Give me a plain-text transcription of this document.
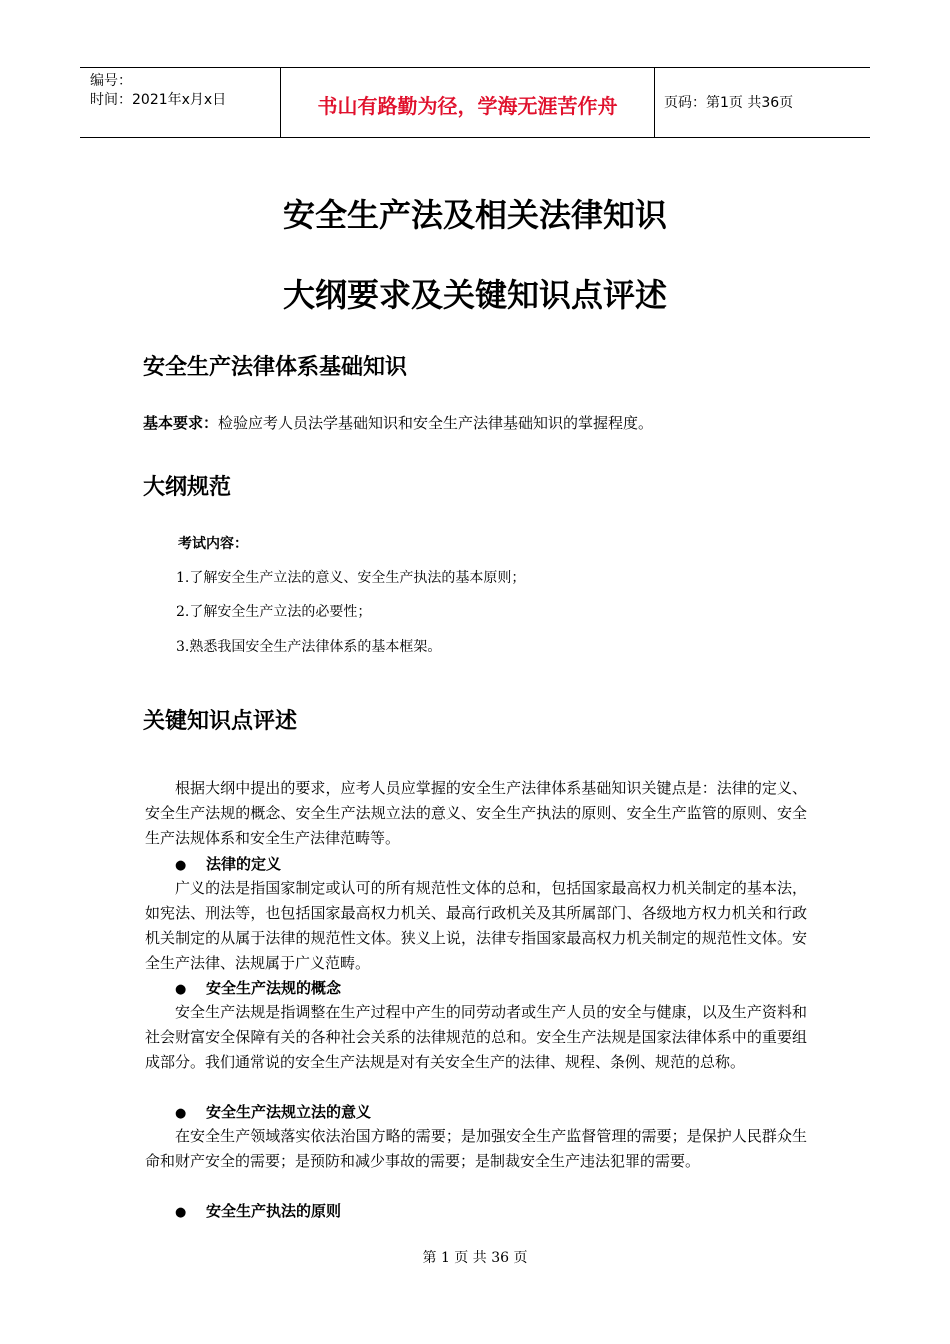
编号：
时间：2021年x月x日	书山有路勤为径，学海无涯苦作舟	页码：第1页 共36页
安全生产法及相关法律知识
大纲要求及关键知识点评述
安全生产法律体系基础知识
基本要求：检验应考人员法学基础知识和安全生产法律基础知识的掌握程度。
大纲规范
考试内容：
1.了解安全生产立法的意义、安全生产执法的基本原则；
2.了解安全生产立法的必要性；
3.熟悉我国安全生产法律体系的基本框架。
关键知识点评述

根据大纲中提出的要求，应考人员应掌握的安全生产法律体系基础知识关键点是：法律的定义、安全生产法规的概念、安全生产法规立法的意义、安全生产执法的原则、安全生产监管的原则、安全生产法规体系和安全生产法律范畴等。

● 法律的定义

广义的法是指国家制定或认可的所有规范性文体的总和，包括国家最高权力机关制定的基本法，如宪法、刑法等，也包括国家最高权力机关、最高行政机关及其所属部门、各级地方权力机关和行政机关制定的从属于法律的规范性文体。狭义上说，法律专指国家最高权力机关制定的规范性文体。安全生产法律、法规属于广义范畴。

● 安全生产法规的概念

安全生产法规是指调整在生产过程中产生的同劳动者或生产人员的安全与健康，以及生产资料和社会财富安全保障有关的各种社会关系的法律规范的总和。安全生产法规是国家法律体系中的重要组成部分。我们通常说的安全生产法规是对有关安全生产的法律、规程、条例、规范的总称。

● 安全生产法规立法的意义

在安全生产领域落实依法治国方略的需要；是加强安全生产监督管理的需要；是保护人民群众生命和财产安全的需要；是预防和减少事故的需要；是制裁安全生产违法犯罪的需要。

● 安全生产执法的原则
第 1 页 共 36 页
